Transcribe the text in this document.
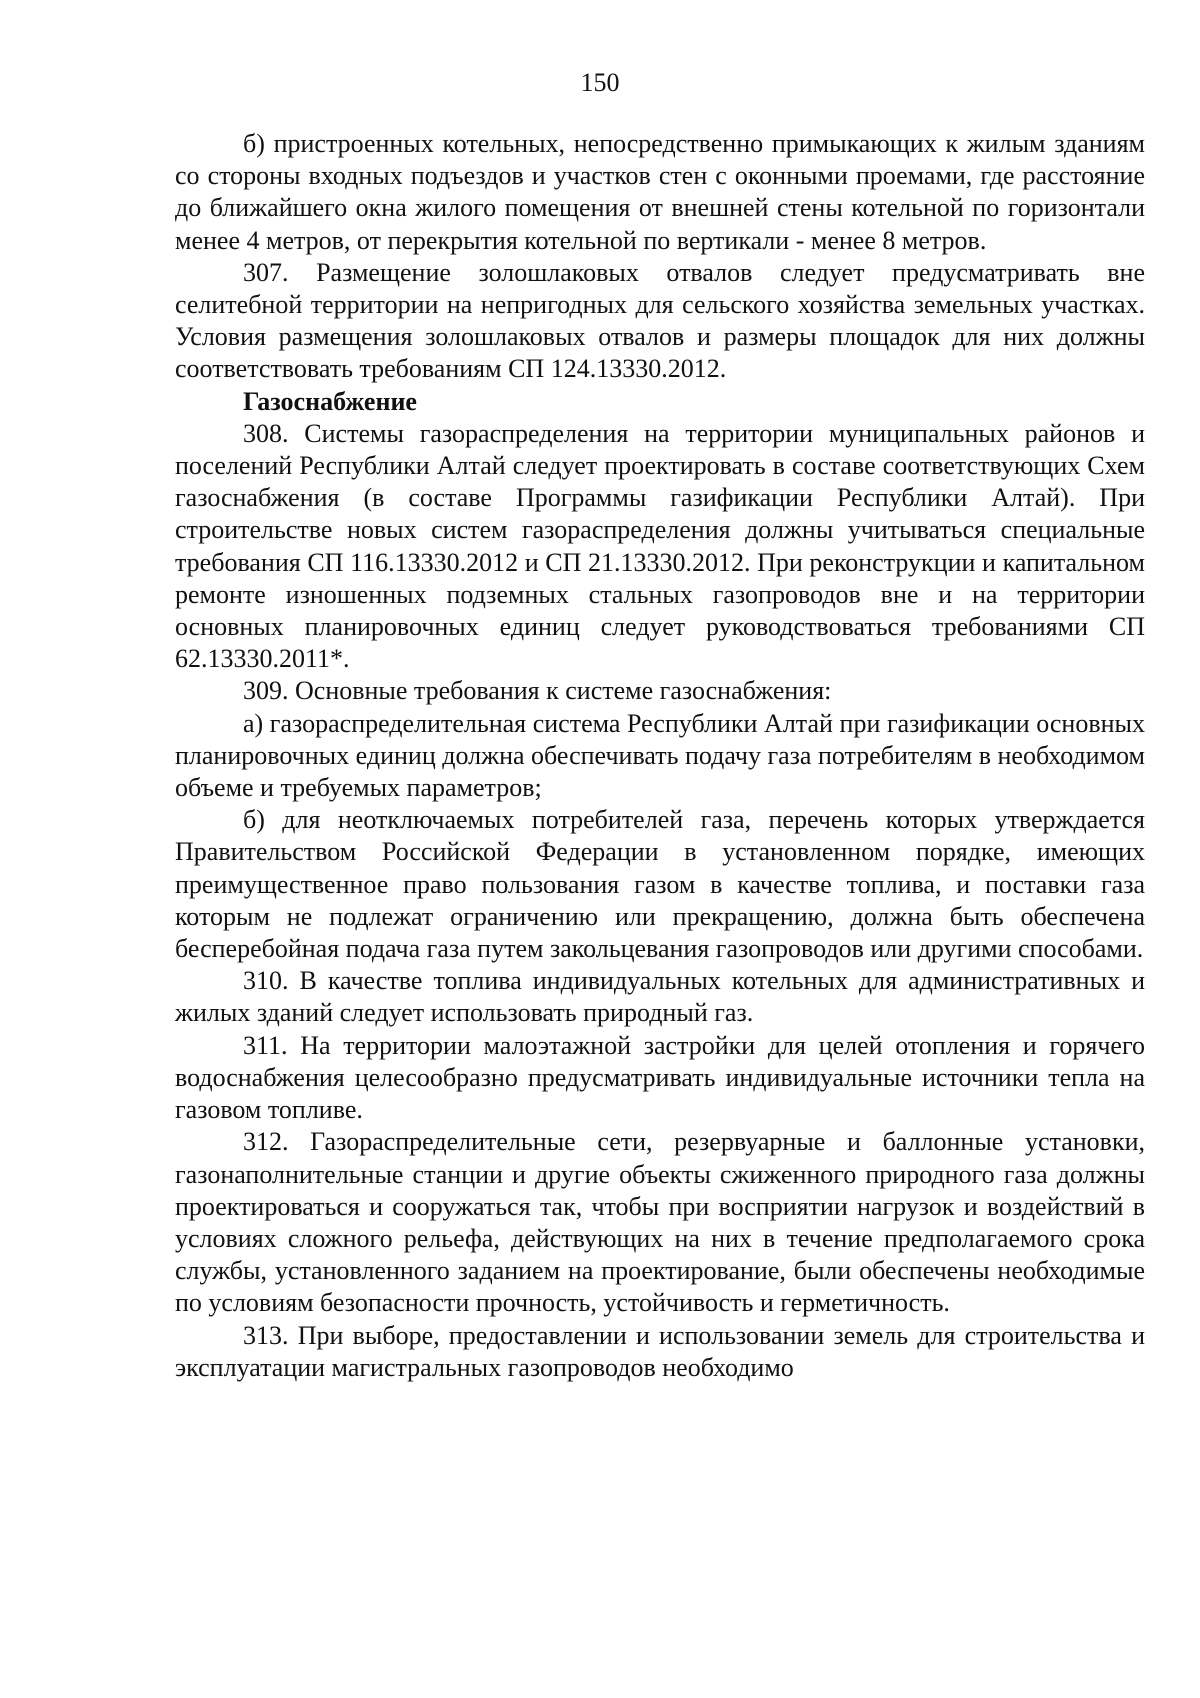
150

б) пристроенных котельных, непосредственно примыкающих к жилым зданиям со стороны входных подъездов и участков стен с оконными проемами, где расстояние до ближайшего окна жилого помещения от внешней стены котельной по горизонтали менее 4 метров, от перекрытия котельной по вертикали - менее 8 метров.

307. Размещение золошлаковых отвалов следует предусматривать вне селитебной территории на непригодных для сельского хозяйства земельных участках. Условия размещения золошлаковых отвалов и размеры площадок для них должны соответствовать требованиям СП 124.13330.2012.

Газоснабжение

308. Системы газораспределения на территории муниципальных районов и поселений Республики Алтай следует проектировать в составе соответствующих Схем газоснабжения (в составе Программы газификации Республики Алтай). При строительстве новых систем газораспределения должны учитываться специальные требования СП 116.13330.2012 и СП 21.13330.2012. При реконструкции и капитальном ремонте изношенных подземных стальных газопроводов вне и на территории основных планировочных единиц следует руководствоваться требованиями СП 62.13330.2011*.

309. Основные требования к системе газоснабжения:

а) газораспределительная система Республики Алтай при газификации основных планировочных единиц должна обеспечивать подачу газа потребителям в необходимом объеме и требуемых параметров;

б) для неотключаемых потребителей газа, перечень которых утверждается Правительством Российской Федерации в установленном порядке, имеющих преимущественное право пользования газом в качестве топлива, и поставки газа которым не подлежат ограничению или прекращению, должна быть обеспечена бесперебойная подача газа путем закольцевания газопроводов или другими способами.

310. В качестве топлива индивидуальных котельных для административных и жилых зданий следует использовать природный газ.

311. На территории малоэтажной застройки для целей отопления и горячего водоснабжения целесообразно предусматривать индивидуальные источники тепла на газовом топливе.

312. Газораспределительные сети, резервуарные и баллонные установки, газонаполнительные станции и другие объекты сжиженного природного газа должны проектироваться и сооружаться так, чтобы при восприятии нагрузок и воздействий в условиях сложного рельефа, действующих на них в течение предполагаемого срока службы, установленного заданием на проектирование, были обеспечены необходимые по условиям безопасности прочность, устойчивость и герметичность.

313. При выборе, предоставлении и использовании земель для строительства и эксплуатации магистральных газопроводов необходимо
